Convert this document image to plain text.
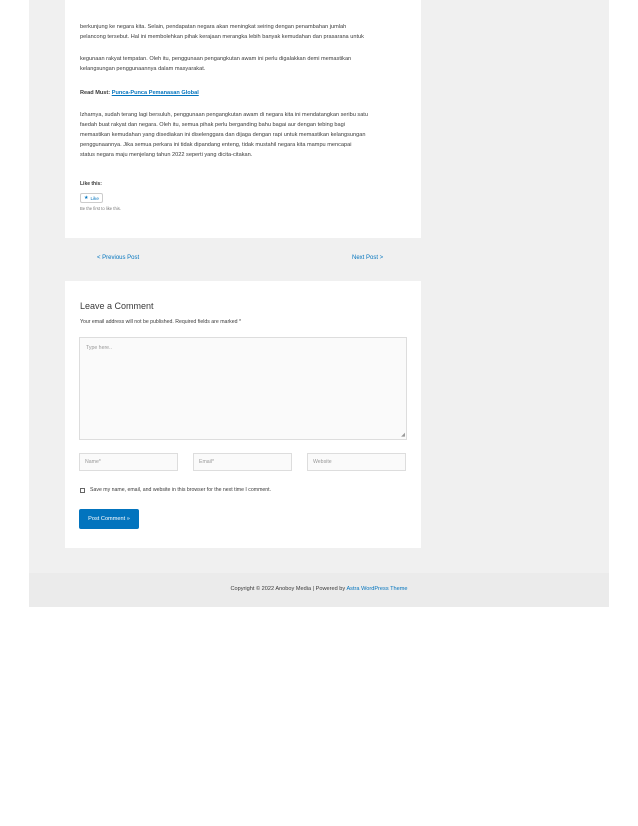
berkunjung ke negara kita. Selain, pendapatan negara akan meningkat seiring dengan penambahan jumlah
pelancong tersebut. Hal ini membolehkan pihak kerajaan merangka lebih banyak kemudahan dan prasarana untuk
kegunaan rakyat tempatan. Oleh itu, penggunaan pengangkutan awam ini perlu digalakkan demi memastikan
kelangsungan penggunaannya dalam masyarakat.
Read Must: Punca-Punca Pemanasan Global
Izharnya, sudah terang lagi bersuluh, penggunaan pengangkutan awam di negara kita ini mendatangkan seribu satu
faedah buat rakyat dan negara. Oleh itu, semua pihak perlu berganding bahu bagai aur dengan tebing bagi
memastikan kemudahan yang disediakan ini diselenggara dan dijaga dengan rapi untuk memastikan kelangsungan
penggunaannya. Jika semua perkara ini tidak dipandang enteng, tidak mustahil negara kita mampu mencapai
status negara maju menjelang tahun 2022 seperti yang dicita-citakan.
Like this:
★ Like
Be the first to like this.
< Previous Post	Next Post >
Leave a Comment
Your email address will not be published. Required fields are marked *
Type here..
◢
Name*	Email*	Website
Save my name, email, and website in this browser for the next time I comment.
Post Comment »
Copyright © 2022 Anoboy Media | Powered by Astra WordPress Theme
